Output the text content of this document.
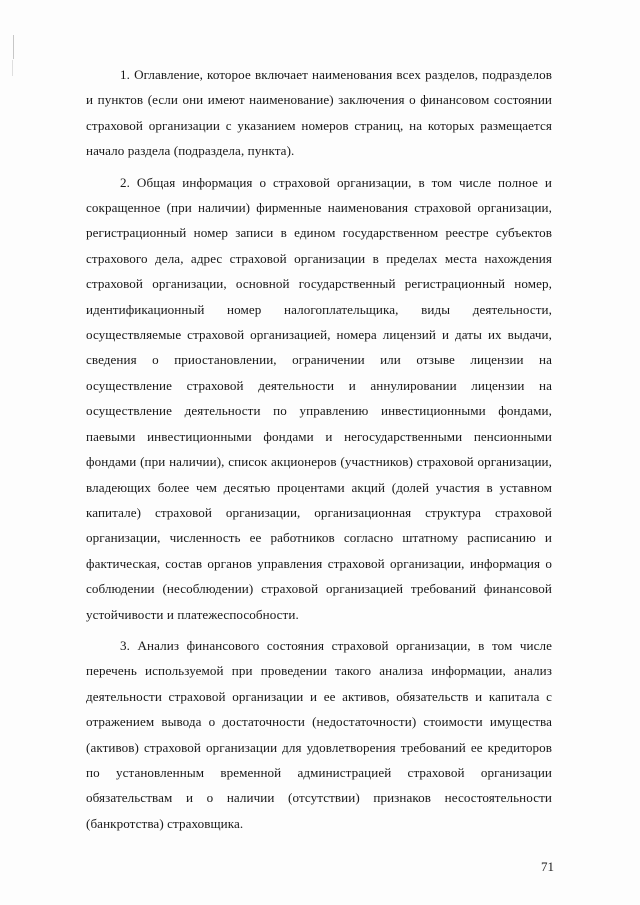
1. Оглавление, которое включает наименования всех разделов, подразделов и пунктов (если они имеют наименование) заключения о финансовом состоянии страховой организации с указанием номеров страниц, на которых размещается начало раздела (подраздела, пункта).

2. Общая информация о страховой организации, в том числе полное и сокращенное (при наличии) фирменные наименования страховой организации, регистрационный номер записи в едином государственном реестре субъектов страхового дела, адрес страховой организации в пределах места нахождения страховой организации, основной государственный регистрационный номер, идентификационный номер налогоплательщика, виды деятельности, осуществляемые страховой организацией, номера лицензий и даты их выдачи, сведения о приостановлении, ограничении или отзыве лицензии на осуществление страховой деятельности и аннулировании лицензии на осуществление деятельности по управлению инвестиционными фондами, паевыми инвестиционными фондами и негосударственными пенсионными фондами (при наличии), список акционеров (участников) страховой организации, владеющих более чем десятью процентами акций (долей участия в уставном капитале) страховой организации, организационная структура страховой организации, численность ее работников согласно штатному расписанию и фактическая, состав органов управления страховой организации, информация о соблюдении (несоблюдении) страховой организацией требований финансовой устойчивости и платежеспособности.

3. Анализ финансового состояния страховой организации, в том числе перечень используемой при проведении такого анализа информации, анализ деятельности страховой организации и ее активов, обязательств и капитала с отражением вывода о достаточности (недостаточности) стоимости имущества (активов) страховой организации для удовлетворения требований ее кредиторов по установленным временной администрацией страховой организации обязательствам и о наличии (отсутствии) признаков несостоятельности (банкротства) страховщика.

71
